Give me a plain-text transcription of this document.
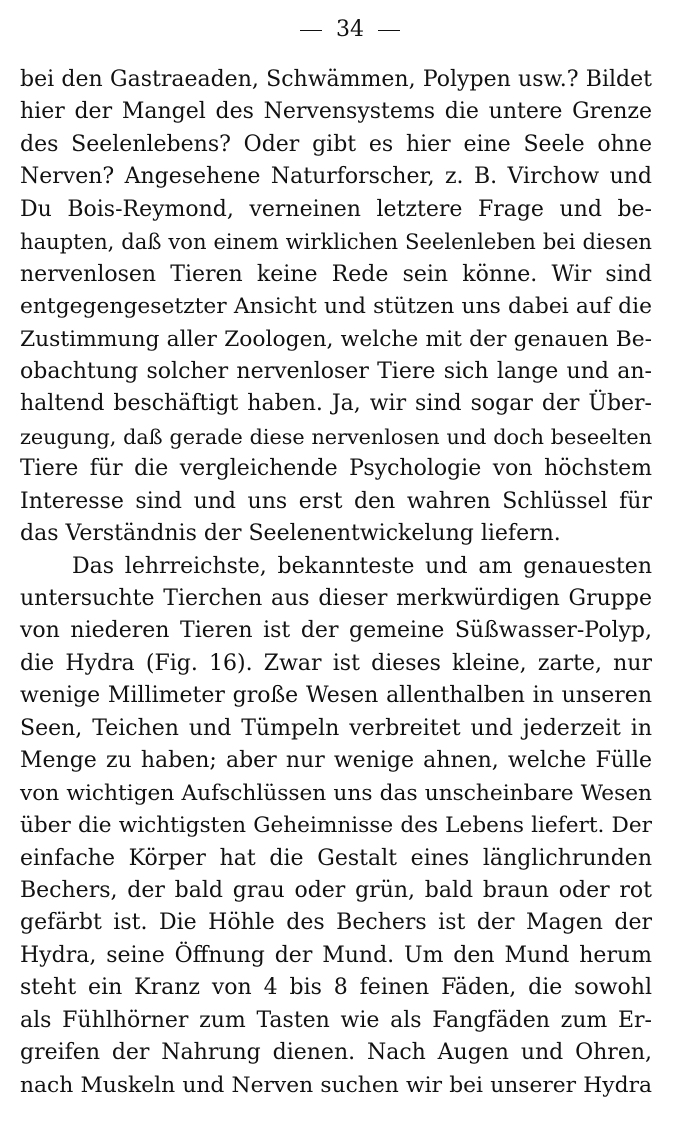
34
bei den Gastraeaden, Schwämmen, Polypen usw.? Bildet
hier der Mangel des Nervensystems die untere Grenze
des Seelenlebens? Oder gibt es hier eine Seele ohne
Nerven? Angesehene Naturforscher, z. B. Virchow und
Du Bois-Reymond, verneinen letztere Frage und be-
haupten, daß von einem wirklichen Seelenleben bei diesen
nervenlosen Tieren keine Rede sein könne. Wir sind
entgegengesetzter Ansicht und stützen uns dabei auf die
Zustimmung aller Zoologen, welche mit der genauen Be-
obachtung solcher nervenloser Tiere sich lange und an-
haltend beschäftigt haben. Ja, wir sind sogar der Über-
zeugung, daß gerade diese nervenlosen und doch beseelten
Tiere für die vergleichende Psychologie von höchstem
Interesse sind und uns erst den wahren Schlüssel für
das Verständnis der Seelenentwickelung liefern.
Das lehrreichste, bekannteste und am genauesten
untersuchte Tierchen aus dieser merkwürdigen Gruppe
von niederen Tieren ist der gemeine Süßwasser-Polyp,
die Hydra (Fig. 16). Zwar ist dieses kleine, zarte, nur
wenige Millimeter große Wesen allenthalben in unseren
Seen, Teichen und Tümpeln verbreitet und jederzeit in
Menge zu haben; aber nur wenige ahnen, welche Fülle
von wichtigen Aufschlüssen uns das unscheinbare Wesen
über die wichtigsten Geheimnisse des Lebens liefert. Der
einfache Körper hat die Gestalt eines länglichrunden
Bechers, der bald grau oder grün, bald braun oder rot
gefärbt ist. Die Höhle des Bechers ist der Magen der
Hydra, seine Öffnung der Mund. Um den Mund herum
steht ein Kranz von 4 bis 8 feinen Fäden, die sowohl
als Fühlhörner zum Tasten wie als Fangfäden zum Er-
greifen der Nahrung dienen. Nach Augen und Ohren,
nach Muskeln und Nerven suchen wir bei unserer Hydra
